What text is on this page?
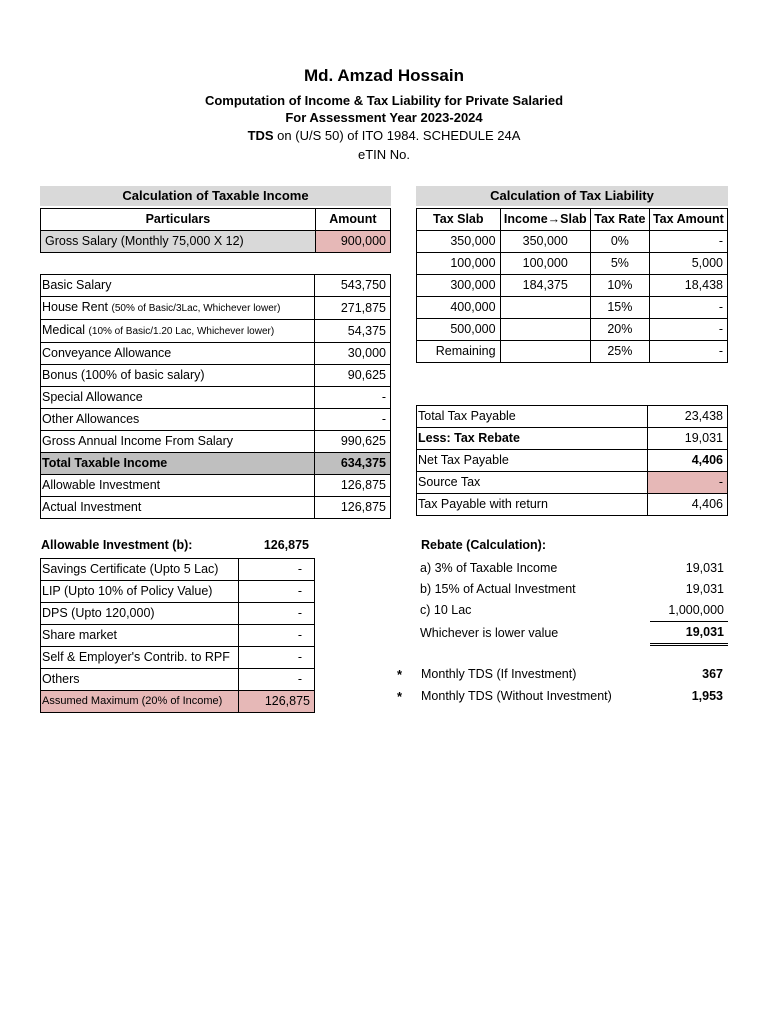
Md. Amzad Hossain
Computation of Income & Tax Liability for Private Salaried
For Assessment Year 2023-2024
TDS on (U/S 50) of ITO 1984. SCHEDULE 24A
eTIN No.
Calculation of Taxable Income
Particulars	Amount
Gross Salary (Monthly 75,000 X 12)	900,000
Basic Salary	543,750
House Rent (50% of Basic/3Lac, Whichever lower)	271,875
Medical (10% of Basic/1.20 Lac, Whichever lower)	54,375
Conveyance Allowance	30,000
Bonus (100% of basic salary)	90,625
Special Allowance	-
Other Allowances	-
Gross Annual Income From Salary	990,625
Total Taxable Income	634,375
Allowable Investment	126,875
Actual Investment	126,875
Calculation of Tax Liability
Tax Slab	Income→Slab	Tax Rate	Tax Amount
350,000	350,000	0%	-
100,000	100,000	5%	5,000
300,000	184,375	10%	18,438
400,000		15%	-
500,000		20%	-
Remaining		25%	-
Total Tax Payable	23,438
Less: Tax Rebate	19,031
Net Tax Payable	4,406
Source Tax	-
Tax Payable with return	4,406
Allowable Investment (b):	126,875
Savings Certificate (Upto 5 Lac)	-
LIP (Upto 10% of Policy Value)	-
DPS (Upto 120,000)	-
Share market	-
Self & Employer's Contrib. to RPF	-
Others	-
Assumed Maximum (20% of Income)	126,875
Rebate (Calculation):
a) 3% of Taxable Income	19,031
b) 15% of Actual Investment	19,031
c) 10 Lac	1,000,000
Whichever is lower value	19,031
* Monthly TDS (If Investment)	367
* Monthly TDS (Without Investment)	1,953
